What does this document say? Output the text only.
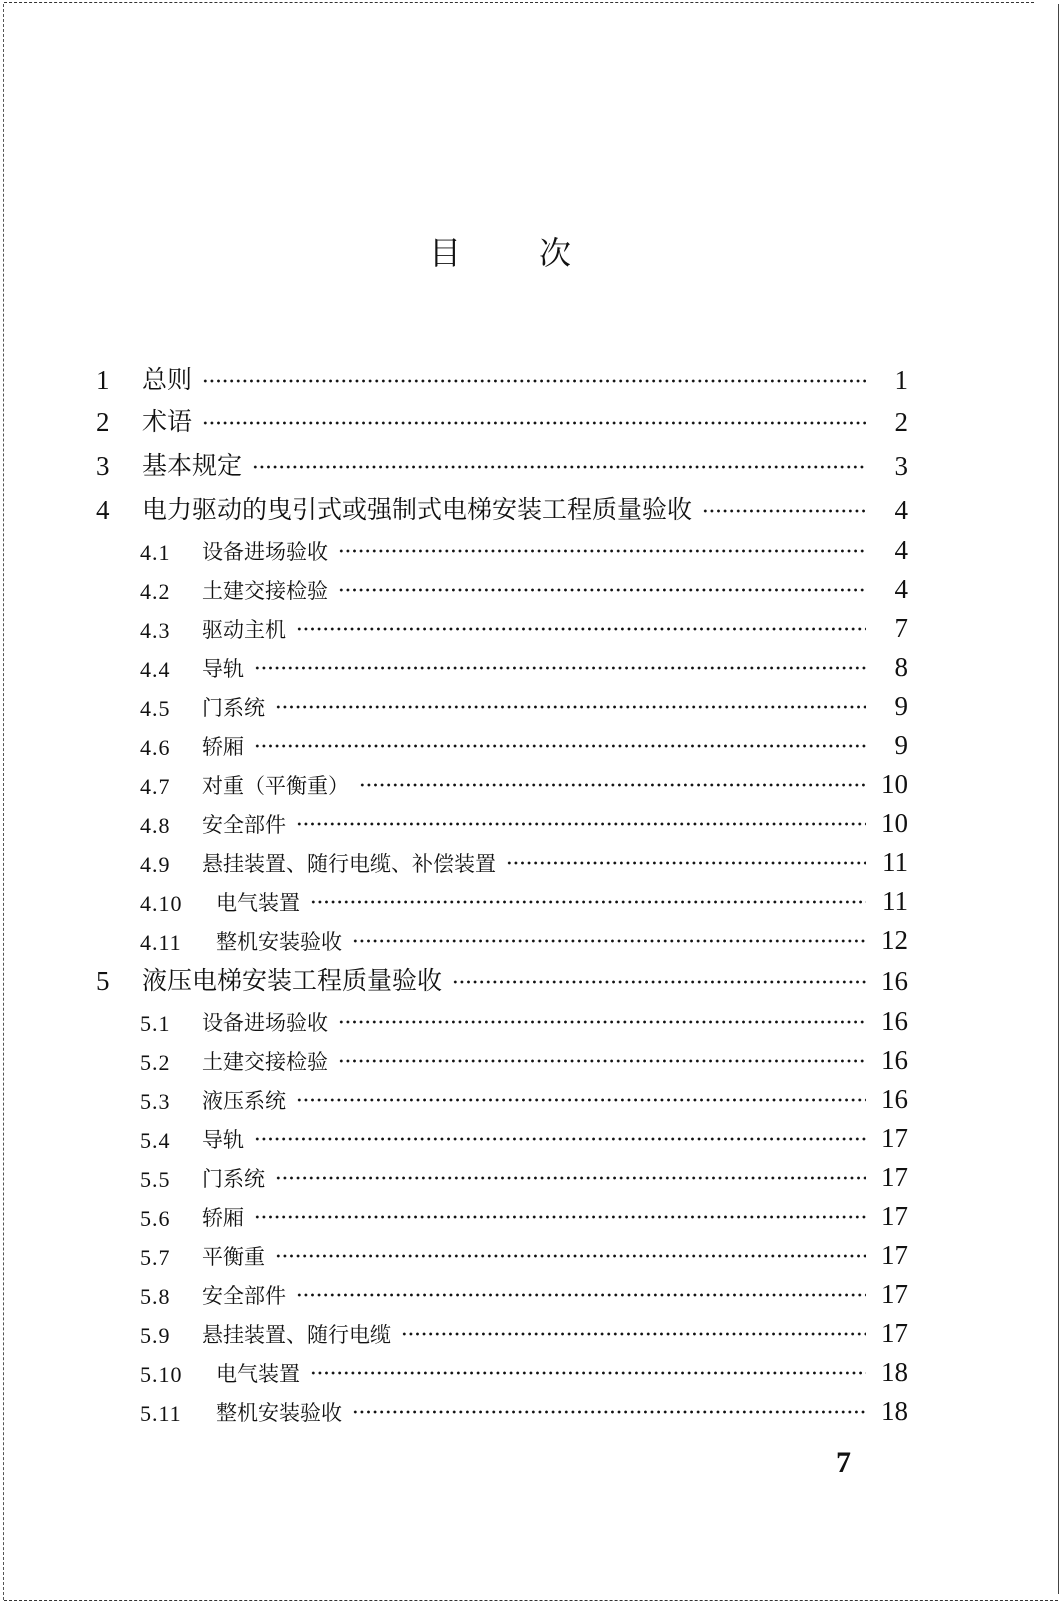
目 次
1	总则	1
2	术语	2
3	基本规定	3
4	电力驱动的曳引式或强制式电梯安装工程质量验收	4
4.1	设备进场验收	4
4.2	土建交接检验	4
4.3	驱动主机	7
4.4	导轨	8
4.5	门系统	9
4.6	轿厢	9
4.7	对重（平衡重）	10
4.8	安全部件	10
4.9	悬挂装置、随行电缆、补偿装置	11
4.10	电气装置	11
4.11	整机安装验收	12
5	液压电梯安装工程质量验收	16
5.1	设备进场验收	16
5.2	土建交接检验	16
5.3	液压系统	16
5.4	导轨	17
5.5	门系统	17
5.6	轿厢	17
5.7	平衡重	17
5.8	安全部件	17
5.9	悬挂装置、随行电缆	17
5.10	电气装置	18
5.11	整机安装验收	18
7
